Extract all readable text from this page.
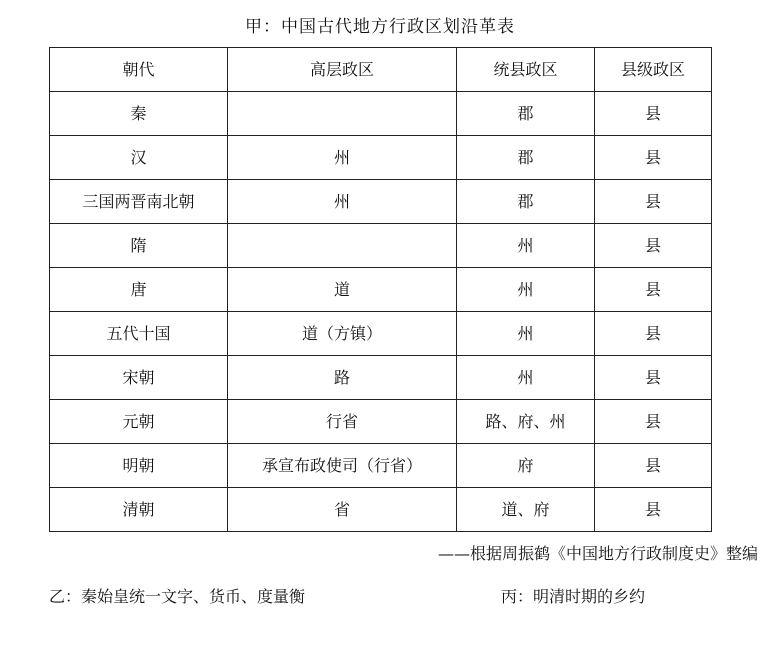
甲：中国古代地方行政区划沿革表
朝代	高层政区	统县政区	县级政区
秦		郡	县
汉	州	郡	县
三国两晋南北朝	州	郡	县
隋		州	县
唐	道	州	县
五代十国	道（方镇）	州	县
宋朝	路	州	县
元朝	行省	路、府、州	县
明朝	承宣布政使司（行省）	府	县
清朝	省	道、府	县
——根据周振鹤《中国地方行政制度史》整编
乙：秦始皇统一文字、货币、度量衡	丙：明清时期的乡约
